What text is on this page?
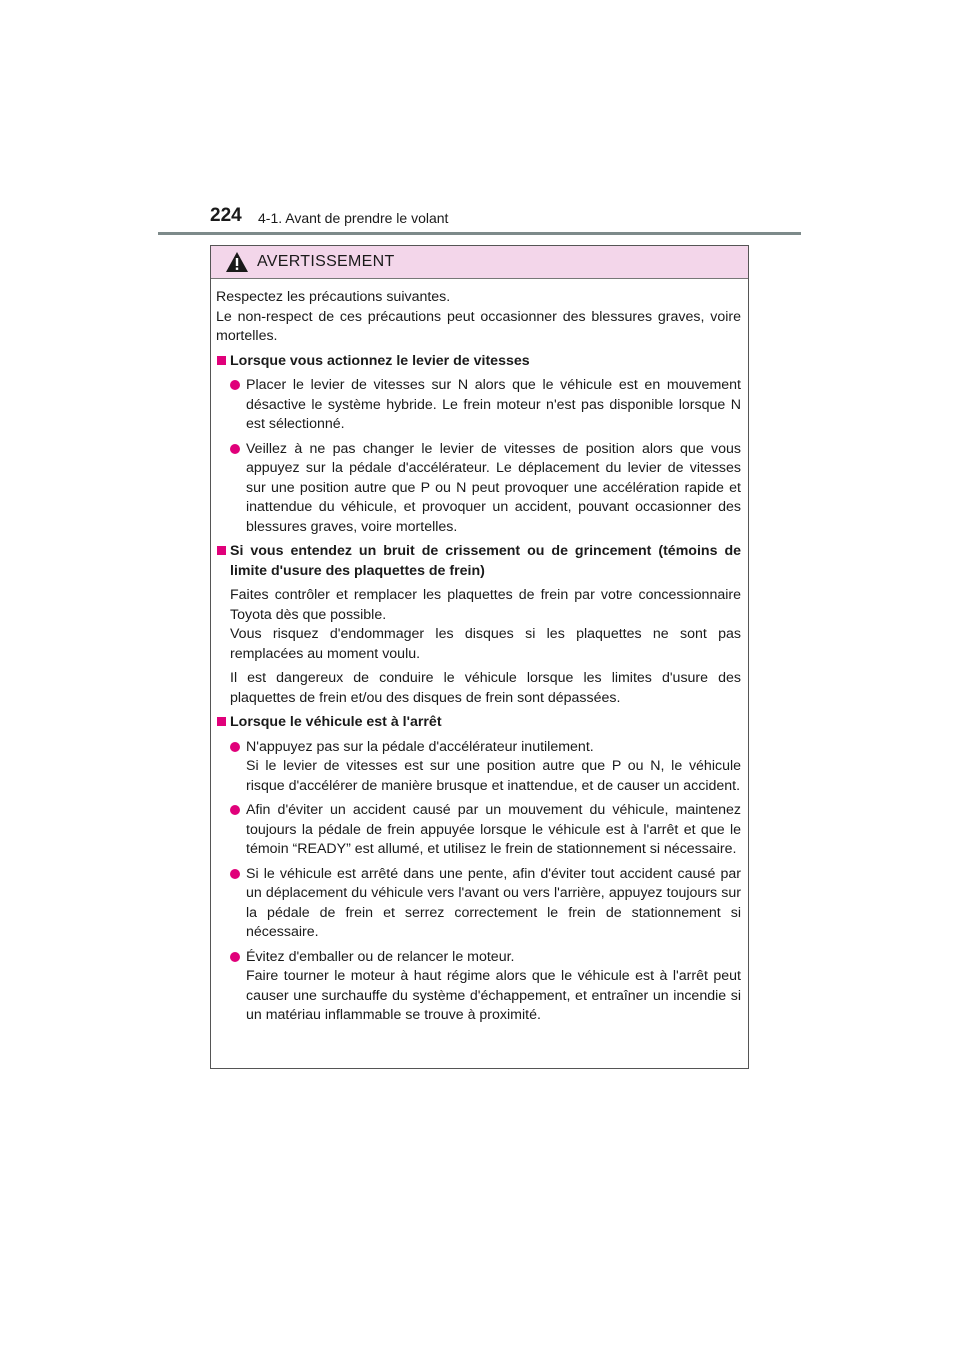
224 4-1. Avant de prendre le volant
AVERTISSEMENT

Respectez les précautions suivantes.
Le non-respect de ces précautions peut occasionner des blessures graves, voire mortelles.

Lorsque vous actionnez le levier de vitesses

Placer le levier de vitesses sur N alors que le véhicule est en mouvement désactive le système hybride. Le frein moteur n'est pas disponible lorsque N est sélectionné.

Veillez à ne pas changer le levier de vitesses de position alors que vous appuyez sur la pédale d'accélérateur. Le déplacement du levier de vitesses sur une position autre que P ou N peut provoquer une accélération rapide et inattendue du véhicule, et provoquer un accident, pouvant occasionner des blessures graves, voire mortelles.

Si vous entendez un bruit de crissement ou de grincement (témoins de limite d'usure des plaquettes de frein)

Faites contrôler et remplacer les plaquettes de frein par votre concessionnaire Toyota dès que possible.
Vous risquez d'endommager les disques si les plaquettes ne sont pas remplacées au moment voulu.

Il est dangereux de conduire le véhicule lorsque les limites d'usure des plaquettes de frein et/ou des disques de frein sont dépassées.

Lorsque le véhicule est à l'arrêt

N'appuyez pas sur la pédale d'accélérateur inutilement.
Si le levier de vitesses est sur une position autre que P ou N, le véhicule risque d'accélérer de manière brusque et inattendue, et de causer un accident.

Afin d'éviter un accident causé par un mouvement du véhicule, maintenez toujours la pédale de frein appuyée lorsque le véhicule est à l'arrêt et que le témoin “READY” est allumé, et utilisez le frein de stationnement si nécessaire.

Si le véhicule est arrêté dans une pente, afin d'éviter tout accident causé par un déplacement du véhicule vers l'avant ou vers l'arrière, appuyez toujours sur la pédale de frein et serrez correctement le frein de stationnement si nécessaire.

Évitez d'emballer ou de relancer le moteur.
Faire tourner le moteur à haut régime alors que le véhicule est à l'arrêt peut causer une surchauffe du système d'échappement, et entraîner un incendie si un matériau inflammable se trouve à proximité.
